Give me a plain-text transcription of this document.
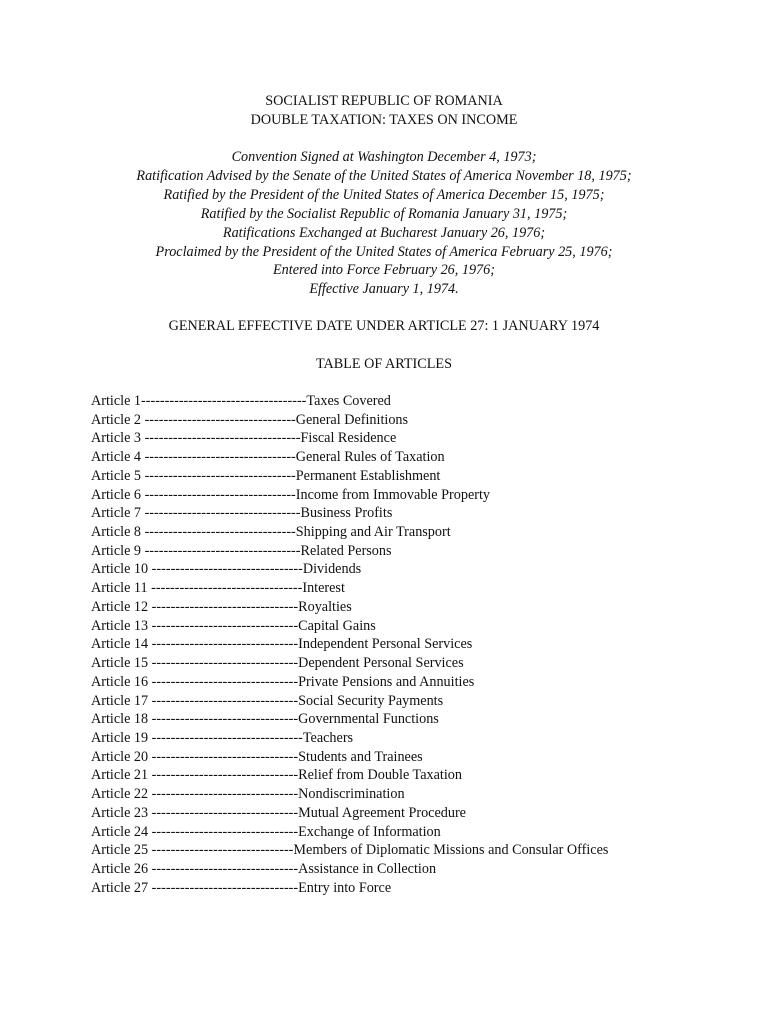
SOCIALIST REPUBLIC OF ROMANIA
DOUBLE TAXATION: TAXES ON INCOME
Convention Signed at Washington December 4, 1973;
Ratification Advised by the Senate of the United States of America November 18, 1975;
Ratified by the President of the United States of America December 15, 1975;
Ratified by the Socialist Republic of Romania January 31, 1975;
Ratifications Exchanged at Bucharest January 26, 1976;
Proclaimed by the President of the United States of America February 25, 1976;
Entered into Force February 26, 1976;
Effective January 1, 1974.
GENERAL EFFECTIVE DATE UNDER ARTICLE 27: 1 JANUARY 1974
TABLE OF ARTICLES
Article 1-----------------------------------Taxes Covered
Article 2 --------------------------------General Definitions
Article 3 ---------------------------------Fiscal Residence
Article 4 --------------------------------General Rules of Taxation
Article 5 --------------------------------Permanent Establishment
Article 6 --------------------------------Income from Immovable Property
Article 7 ---------------------------------Business Profits
Article 8 --------------------------------Shipping and Air Transport
Article 9 ---------------------------------Related Persons
Article 10 --------------------------------Dividends
Article 11 --------------------------------Interest
Article 12 -------------------------------Royalties
Article 13 -------------------------------Capital Gains
Article 14 -------------------------------Independent Personal Services
Article 15 -------------------------------Dependent Personal Services
Article 16 -------------------------------Private Pensions and Annuities
Article 17 -------------------------------Social Security Payments
Article 18 -------------------------------Governmental Functions
Article 19 --------------------------------Teachers
Article 20 -------------------------------Students and Trainees
Article 21 -------------------------------Relief from Double Taxation
Article 22 -------------------------------Nondiscrimination
Article 23 -------------------------------Mutual Agreement Procedure
Article 24 -------------------------------Exchange of Information
Article 25 ------------------------------Members of Diplomatic Missions and Consular Offices
Article 26 -------------------------------Assistance in Collection
Article 27 -------------------------------Entry into Force
